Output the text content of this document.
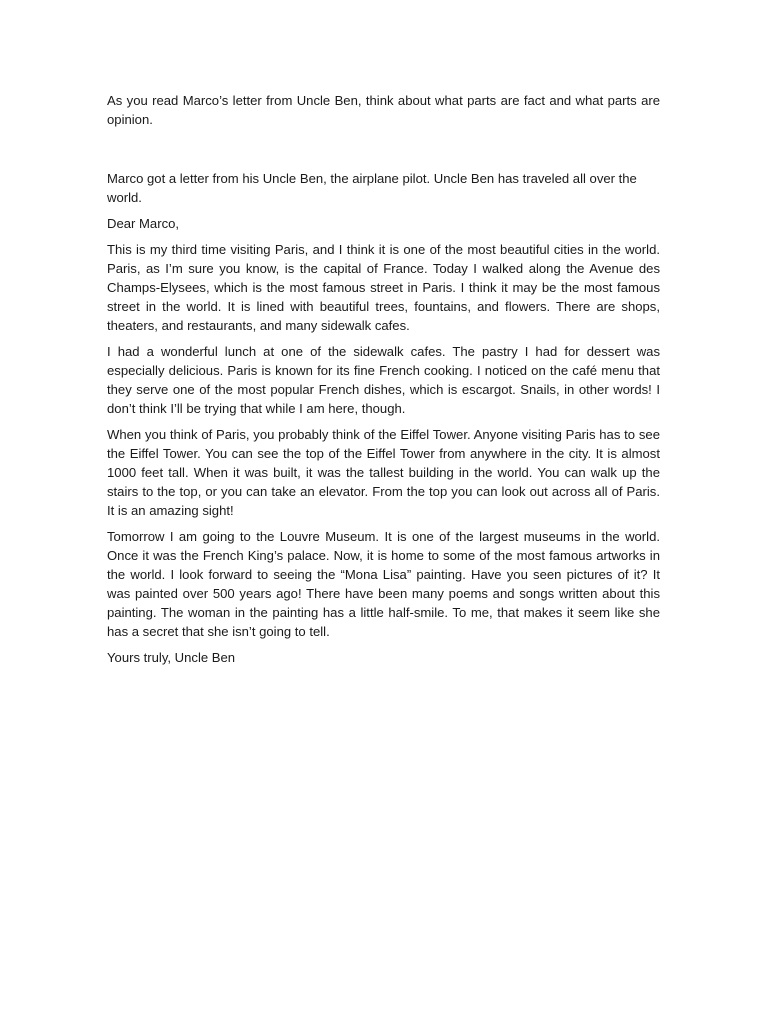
As you read Marco’s letter from Uncle Ben, think about what parts are fact and what parts are opinion.

Marco got a letter from his Uncle Ben, the airplane pilot. Uncle Ben has traveled all over the world.

Dear Marco,

This is my third time visiting Paris, and I think it is one of the most beautiful cities in the world. Paris, as I’m sure you know, is the capital of France. Today I walked along the Avenue des Champs-Elysees, which is the most famous street in Paris. I think it may be the most famous street in the world. It is lined with beautiful trees, fountains, and flowers. There are shops, theaters, and restaurants, and many sidewalk cafes.

I had a wonderful lunch at one of the sidewalk cafes. The pastry I had for dessert was especially delicious. Paris is known for its fine French cooking. I noticed on the café menu that they serve one of the most popular French dishes, which is escargot. Snails, in other words! I don’t think I’ll be trying that while I am here, though.

When you think of Paris, you probably think of the Eiffel Tower. Anyone visiting Paris has to see the Eiffel Tower. You can see the top of the Eiffel Tower from anywhere in the city. It is almost 1000 feet tall. When it was built, it was the tallest building in the world. You can walk up the stairs to the top, or you can take an elevator. From the top you can look out across all of Paris. It is an amazing sight!

Tomorrow I am going to the Louvre Museum. It is one of the largest museums in the world. Once it was the French King’s palace. Now, it is home to some of the most famous artworks in the world. I look forward to seeing the “Mona Lisa” painting. Have you seen pictures of it? It was painted over 500 years ago! There have been many poems and songs written about this painting. The woman in the painting has a little half-smile. To me, that makes it seem like she has a secret that she isn’t going to tell.

Yours truly, Uncle Ben
